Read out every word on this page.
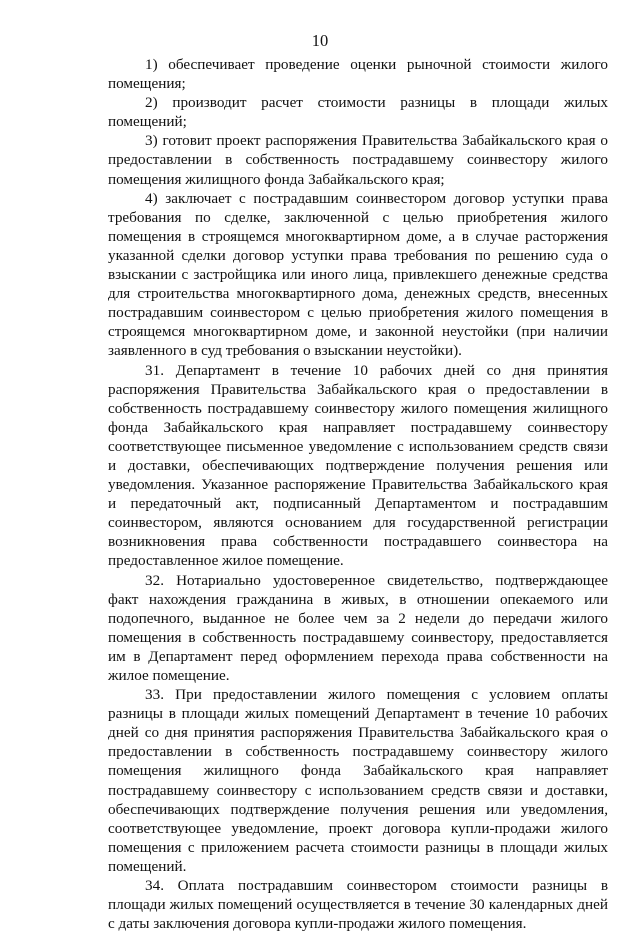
10

1) обеспечивает проведение оценки рыночной стоимости жилого помещения;

2) производит расчет стоимости разницы в площади жилых помещений;

3) готовит проект распоряжения Правительства Забайкальского края о предоставлении в собственность пострадавшему соинвестору жилого помещения жилищного фонда Забайкальского края;

4) заключает с пострадавшим соинвестором договор уступки права требования по сделке, заключенной с целью приобретения жилого помещения в строящемся многоквартирном доме, а в случае расторжения указанной сделки договор уступки права требования по решению суда о взыскании с застройщика или иного лица, привлекшего денежные средства для строительства многоквартирного дома, денежных средств, внесенных пострадавшим соинвестором с целью приобретения жилого помещения в строящемся многоквартирном доме, и законной неустойки (при наличии заявленного в суд требования о взыскании неустойки).

31. Департамент в течение 10 рабочих дней со дня принятия распоряжения Правительства Забайкальского края о предоставлении в собственность пострадавшему соинвестору жилого помещения жилищного фонда Забайкальского края направляет пострадавшему соинвестору соответствующее письменное уведомление с использованием средств связи и доставки, обеспечивающих подтверждение получения решения или уведомления. Указанное распоряжение Правительства Забайкальского края и передаточный акт, подписанный Департаментом и пострадавшим соинвестором, являются основанием для государственной регистрации возникновения права собственности пострадавшего соинвестора на предоставленное жилое помещение.

32. Нотариально удостоверенное свидетельство, подтверждающее факт нахождения гражданина в живых, в отношении опекаемого или подопечного, выданное не более чем за 2 недели до передачи жилого помещения в собственность пострадавшему соинвестору, предоставляется им в Департамент перед оформлением перехода права собственности на жилое помещение.

33. При предоставлении жилого помещения с условием оплаты разницы в площади жилых помещений Департамент в течение 10 рабочих дней со дня принятия распоряжения Правительства Забайкальского края о предоставлении в собственность пострадавшему соинвестору жилого помещения жилищного фонда Забайкальского края направляет пострадавшему соинвестору с использованием средств связи и доставки, обеспечивающих подтверждение получения решения или уведомления, соответствующее уведомление, проект договора купли-продажи жилого помещения с приложением расчета стоимости разницы в площади жилых помещений.

34. Оплата пострадавшим соинвестором стоимости разницы в площади жилых помещений осуществляется в течение 30 календарных дней с даты заключения договора купли-продажи жилого помещения.
